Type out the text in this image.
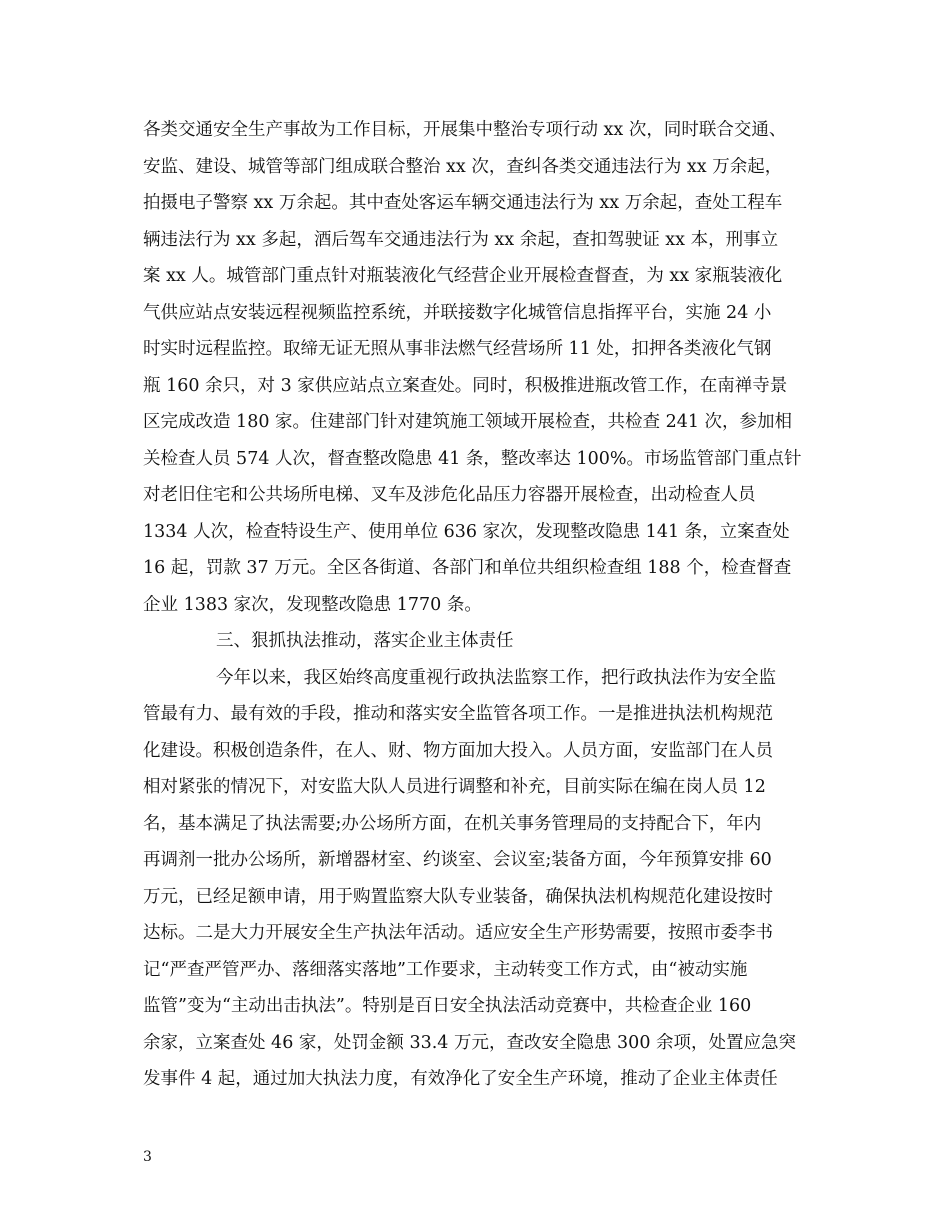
各类交通安全生产事故为工作目标，开展集中整治专项行动 xx 次，同时联合交通、
安监、建设、城管等部门组成联合整治 xx 次，查纠各类交通违法行为 xx 万余起，
拍摄电子警察 xx 万余起。其中查处客运车辆交通违法行为 xx 万余起，查处工程车
辆违法行为 xx 多起，酒后驾车交通违法行为 xx 余起，查扣驾驶证 xx 本，刑事立
案 xx 人。城管部门重点针对瓶装液化气经营企业开展检查督查，为 xx 家瓶装液化
气供应站点安装远程视频监控系统，并联接数字化城管信息指挥平台，实施 24 小
时实时远程监控。取缔无证无照从事非法燃气经营场所 11 处，扣押各类液化气钢
瓶 160 余只，对 3 家供应站点立案查处。同时，积极推进瓶改管工作，在南禅寺景
区完成改造 180 家。住建部门针对建筑施工领域开展检查，共检查 241 次，参加相
关检查人员 574 人次，督查整改隐患 41 条，整改率达 100%。市场监管部门重点针
对老旧住宅和公共场所电梯、叉车及涉危化品压力容器开展检查，出动检查人员
1334 人次，检查特设生产、使用单位 636 家次，发现整改隐患 141 条，立案查处
16 起，罚款 37 万元。全区各街道、各部门和单位共组织检查组 188 个，检查督查
企业 1383 家次，发现整改隐患 1770 条。
三、狠抓执法推动，落实企业主体责任
今年以来，我区始终高度重视行政执法监察工作，把行政执法作为安全监
管最有力、最有效的手段，推动和落实安全监管各项工作。一是推进执法机构规范
化建设。积极创造条件，在人、财、物方面加大投入。人员方面，安监部门在人员
相对紧张的情况下，对安监大队人员进行调整和补充，目前实际在编在岗人员 12
名，基本满足了执法需要;办公场所方面，在机关事务管理局的支持配合下，年内
再调剂一批办公场所，新增器材室、约谈室、会议室;装备方面，今年预算安排 60
万元，已经足额申请，用于购置监察大队专业装备，确保执法机构规范化建设按时
达标。二是大力开展安全生产执法年活动。适应安全生产形势需要，按照市委李书
记“严查严管严办、落细落实落地”工作要求，主动转变工作方式，由“被动实施
监管”变为“主动出击执法”。特别是百日安全执法活动竞赛中，共检查企业 160
余家，立案查处 46 家，处罚金额 33.4 万元，查改安全隐患 300 余项，处置应急突
发事件 4 起，通过加大执法力度，有效净化了安全生产环境，推动了企业主体责任
3
